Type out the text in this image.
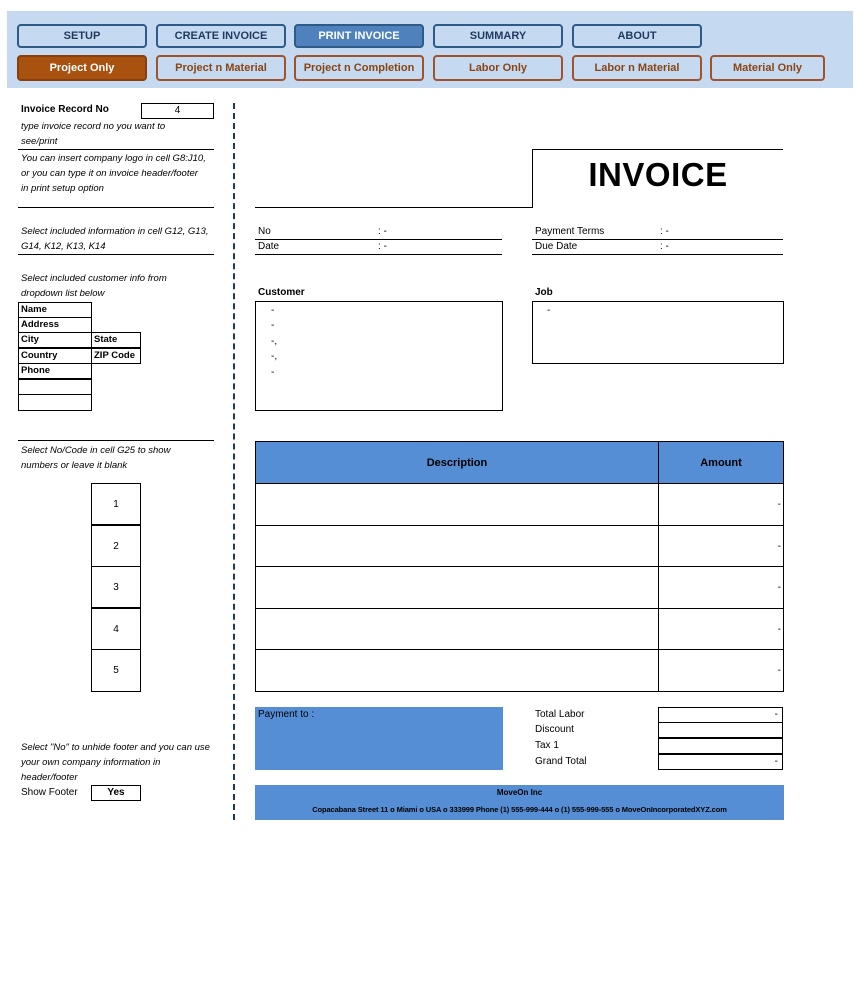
SETUP	CREATE INVOICE	PRINT INVOICE	SUMMARY	ABOUT
Project Only	Project n Material	Project n Completion	Labor Only	Labor n Material	Material Only
Invoice Record No	4
type invoice record no you want to see/print
You can insert company logo in cell G8:J10, or you can type it on invoice header/footer in print setup option
Select included information in cell G12, G13, G14, K12, K13, K14
Select included customer info from dropdown list below
Name
Address
City	State
Country	ZIP Code
Phone
Select No/Code in cell G25 to show numbers or leave it blank
1
2
3
4
5
Select "No" to unhide footer and you can use your own company information in header/footer
Show Footer	Yes
INVOICE
No	: -
Date	: -
Payment Terms	: -
Due Date	: -
Customer
-
-
-,
-,
-
Job
-
Description	Amount
-
-
-
-
-
Payment to :	Total Labor	-
Discount
Tax 1
Grand Total	-
MoveOn Inc
Copacabana Street 11 o Miami o USA o 333999 Phone (1) 555-999-444 o (1) 555-999-555 o MoveOnIncorporatedXYZ.com
